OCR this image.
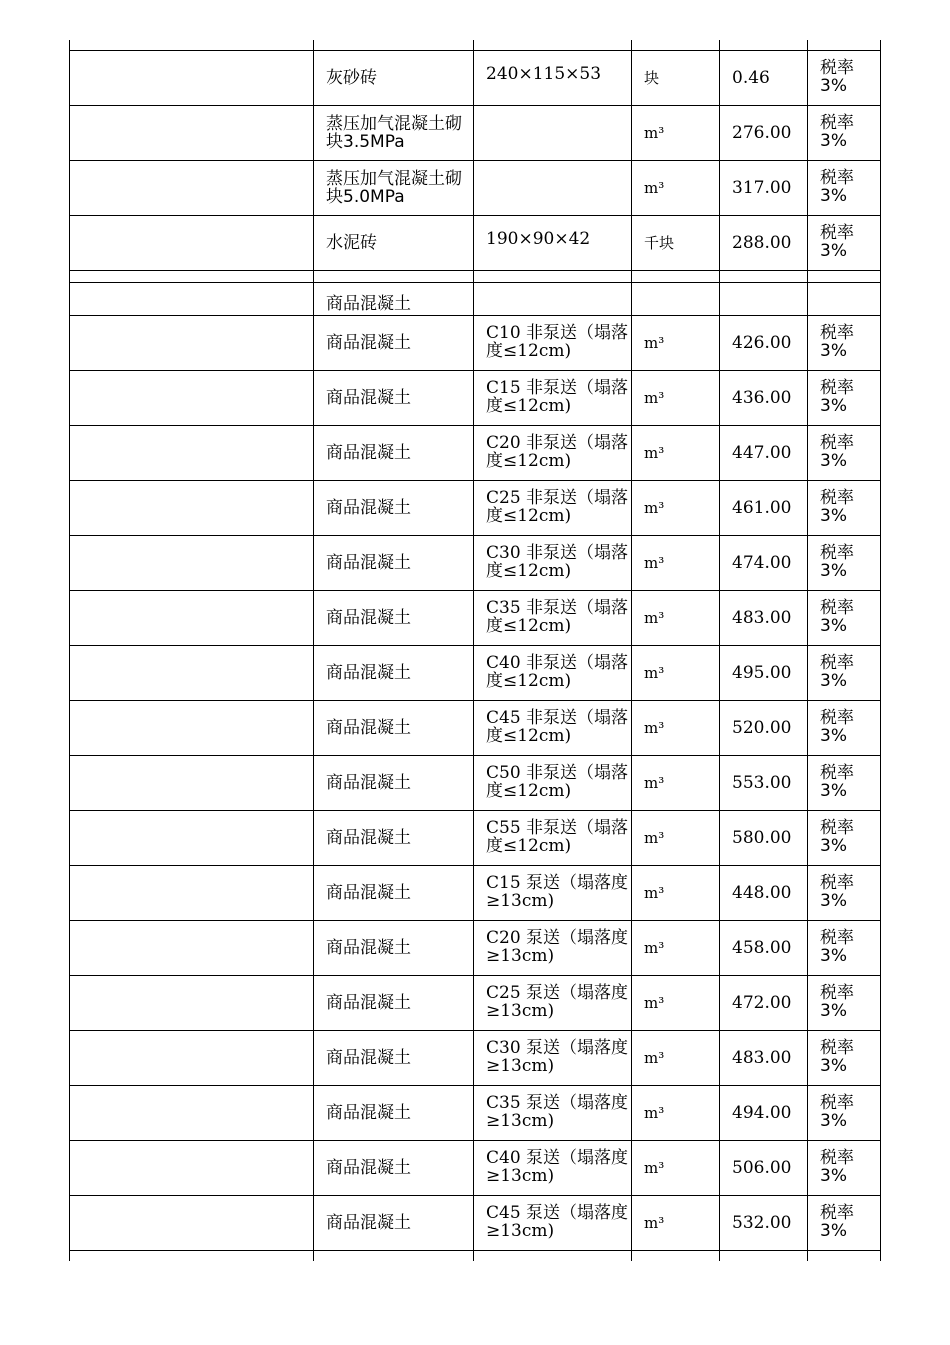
	灰砂砖	240×115×53	块	0.46	税率3%
	蒸压加气混凝土砌块3.5MPa		m³	276.00	税率3%
	蒸压加气混凝土砌块5.0MPa		m³	317.00	税率3%
	水泥砖	190×90×42	千块	288.00	税率3%

	商品混凝土				
	商品混凝土	C10 非泵送（塌落度≤12cm)	m³	426.00	税率3%
	商品混凝土	C15 非泵送（塌落度≤12cm)	m³	436.00	税率3%
	商品混凝土	C20 非泵送（塌落度≤12cm)	m³	447.00	税率3%
	商品混凝土	C25 非泵送（塌落度≤12cm)	m³	461.00	税率3%
	商品混凝土	C30 非泵送（塌落度≤12cm)	m³	474.00	税率3%
	商品混凝土	C35 非泵送（塌落度≤12cm)	m³	483.00	税率3%
	商品混凝土	C40 非泵送（塌落度≤12cm)	m³	495.00	税率3%
	商品混凝土	C45 非泵送（塌落度≤12cm)	m³	520.00	税率3%
	商品混凝土	C50 非泵送（塌落度≤12cm)	m³	553.00	税率3%
	商品混凝土	C55 非泵送（塌落度≤12cm)	m³	580.00	税率3%
	商品混凝土	C15 泵送（塌落度≥13cm)	m³	448.00	税率3%
	商品混凝土	C20 泵送（塌落度≥13cm)	m³	458.00	税率3%
	商品混凝土	C25 泵送（塌落度≥13cm)	m³	472.00	税率3%
	商品混凝土	C30 泵送（塌落度≥13cm)	m³	483.00	税率3%
	商品混凝土	C35 泵送（塌落度≥13cm)	m³	494.00	税率3%
	商品混凝土	C40 泵送（塌落度≥13cm)	m³	506.00	税率3%
	商品混凝土	C45 泵送（塌落度≥13cm)	m³	532.00	税率3%
